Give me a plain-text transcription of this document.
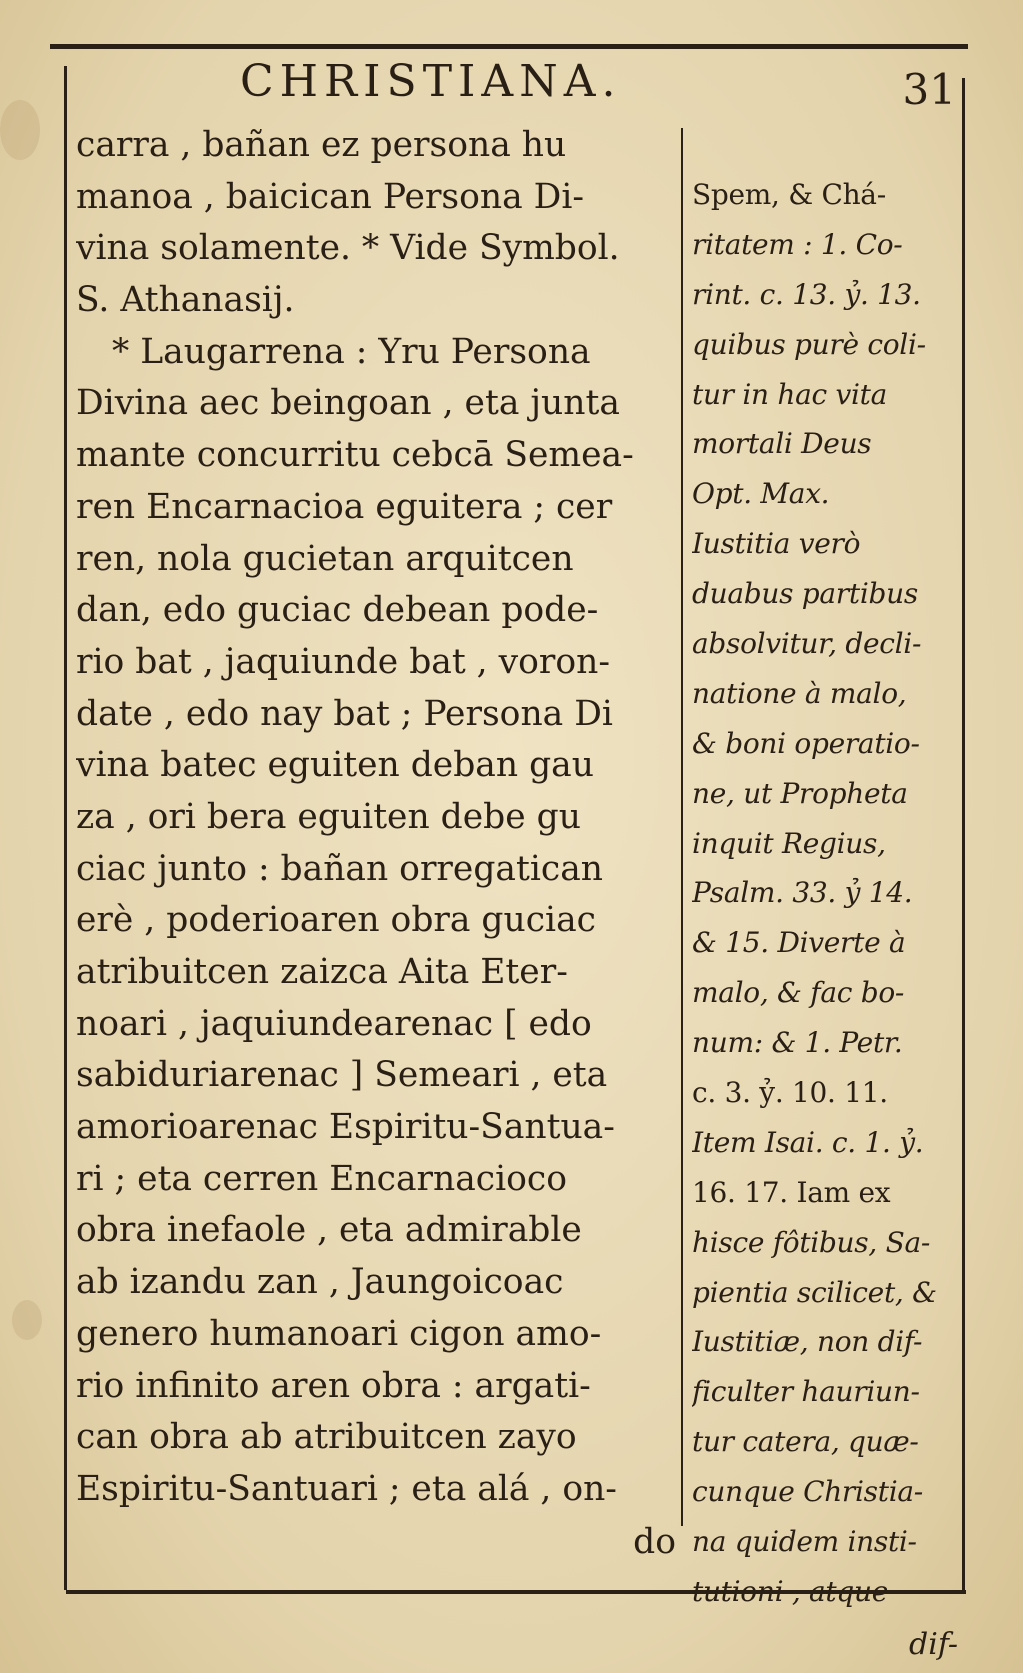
CHRISTIANA.	31
carra , bañan ez persona hu
manoa , baicican Persona Di-
vina solamente. * Vide Symbol.
S. Athanasij.
* Laugarrena : Yru Persona
Divina aec beingoan , eta junta
mante concurritu cebcā Semea-
ren Encarnacioa eguitera ; cer
ren, nola gucietan arquitcen
dan, edo guciac debean pode-
rio bat , jaquiunde bat , voron-
date , edo nay bat ; Persona Di
vina batec eguiten deban gau
za , ori bera eguiten debe gu
ciac junto : bañan orregatican
erè , poderioaren obra guciac
atribuitcen zaizca Aita Eter-
noari , jaquiundearenac [ edo
sabiduriarenac ] Semeari , eta
amorioarenac Espiritu-Santua-
ri ; eta cerren Encarnacioco
obra inefaole , eta admirable
ab izandu zan , Jaungoicoac
genero humanoari cigon amo-
rio infinito aren obra : argati-
can obra ab atribuitcen zayo
Espiritu-Santuari ; eta alá , on-
do
Spem, & Chá-
ritatem : 1. Co-
rint. c. 13. ỷ. 13.
quibus purè coli-
tur in hac vita
mortali Deus
Opt. Max.
Iustitia verò
duabus partibus
absolvitur, decli-
natione à malo,
& boni operatio-
ne, ut Propheta
inquit Regius,
Psalm. 33. ỷ 14.
& 15. Diverte à
malo, & fac bo-
num: & 1. Petr.
c. 3. ỷ. 10. 11.
Item Isai. c. 1. ỷ.
16. 17. Iam ex
hisce fôtibus, Sa-
pientia scilicet, &
Iustitiæ, non dif-
ficulter hauriun-
tur catera, quæ-
cunque Christia-
na quidem insti-
tutioni , atque
dif-
